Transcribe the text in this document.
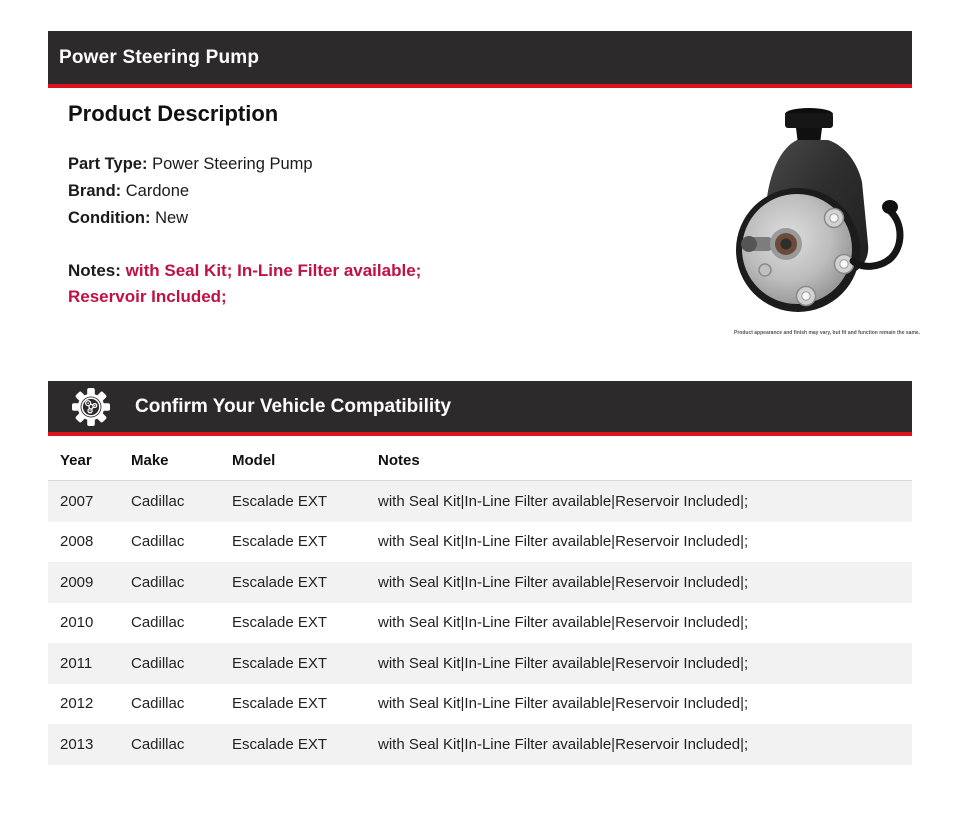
Power Steering Pump
Product Description
Part Type: Power Steering Pump
Brand: Cardone
Condition: New
Notes: with Seal Kit; In-Line Filter available; Reservoir Included;
Product appearance and finish may vary, but fit and function remain the same.
Confirm Your Vehicle Compatibility
Year	Make	Model	Notes
2007	Cadillac	Escalade EXT	with Seal Kit|In-Line Filter available|Reservoir Included|;
2008	Cadillac	Escalade EXT	with Seal Kit|In-Line Filter available|Reservoir Included|;
2009	Cadillac	Escalade EXT	with Seal Kit|In-Line Filter available|Reservoir Included|;
2010	Cadillac	Escalade EXT	with Seal Kit|In-Line Filter available|Reservoir Included|;
2011	Cadillac	Escalade EXT	with Seal Kit|In-Line Filter available|Reservoir Included|;
2012	Cadillac	Escalade EXT	with Seal Kit|In-Line Filter available|Reservoir Included|;
2013	Cadillac	Escalade EXT	with Seal Kit|In-Line Filter available|Reservoir Included|;
